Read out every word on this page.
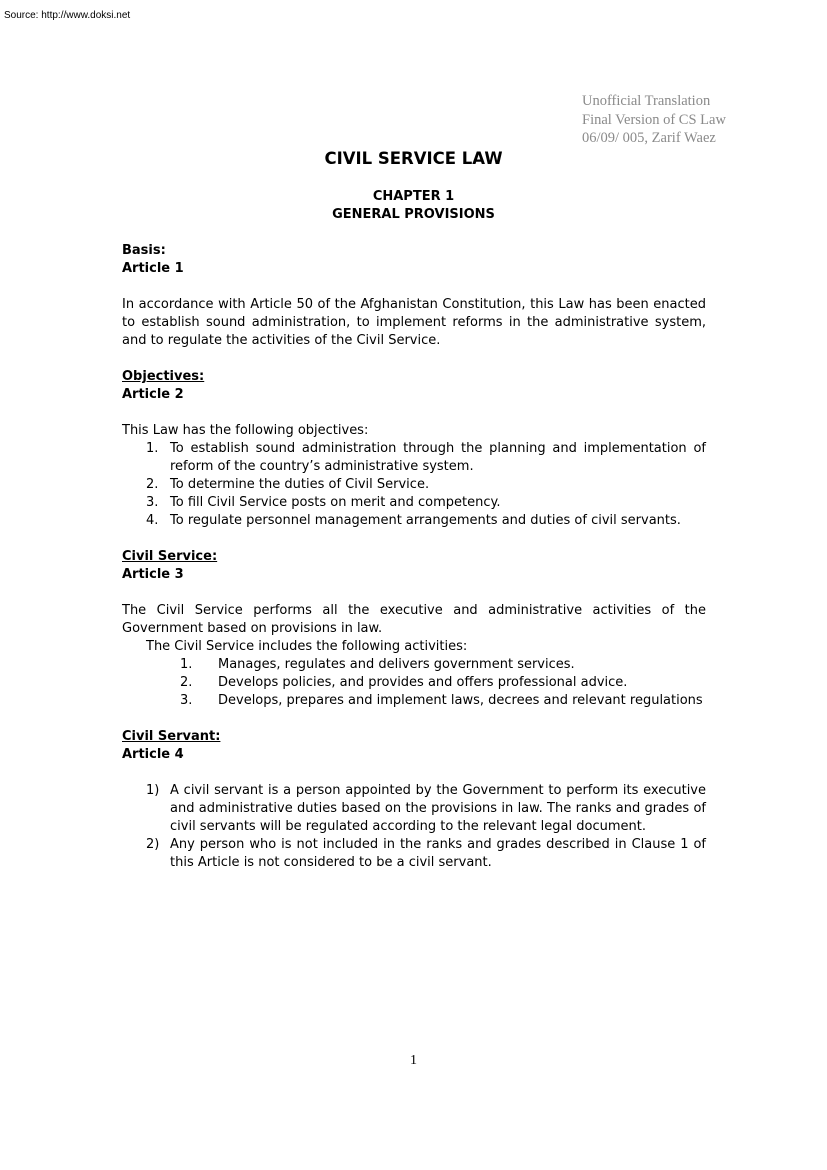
Source: http://www.doksi.net
Unofficial Translation
Final Version of CS Law
06/09/ 005, Zarif Waez
CIVIL SERVICE LAW
CHAPTER 1
GENERAL PROVISIONS
Basis:
Article 1
In accordance with Article 50 of the Afghanistan Constitution, this Law has been enacted to establish sound administration, to implement reforms in the administrative system, and to regulate the activities of the Civil Service.
Objectives:
Article 2
This Law has the following objectives:
1. To establish sound administration through the planning and implementation of reform of the country’s administrative system.
2. To determine the duties of Civil Service.
3. To fill Civil Service posts on merit and competency.
4. To regulate personnel management arrangements and duties of civil servants.
Civil Service:
Article 3
The Civil Service performs all the executive and administrative activities of the Government based on provisions in law.
The Civil Service includes the following activities:
1. Manages, regulates and delivers government services.
2. Develops policies, and provides and offers professional advice.
3. Develops, prepares and implement laws, decrees and relevant regulations
Civil Servant:
Article 4
1) A civil servant is a person appointed by the Government to perform its executive and administrative duties based on the provisions in law. The ranks and grades of civil servants will be regulated according to the relevant legal document.
2) Any person who is not included in the ranks and grades described in Clause 1 of this Article is not considered to be a civil servant.
1
